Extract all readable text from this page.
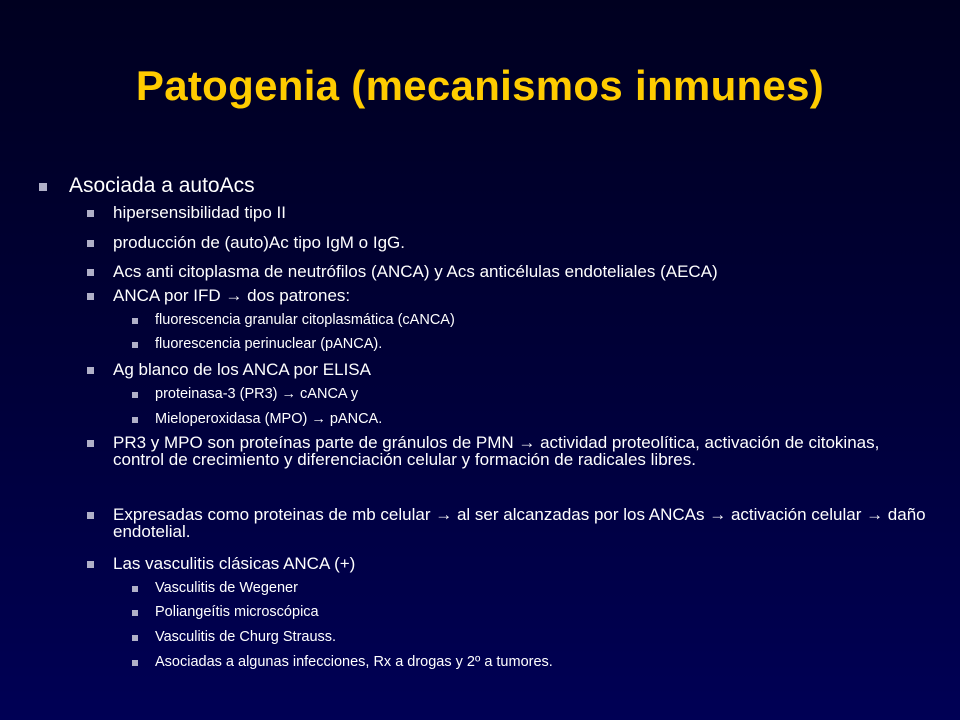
Patogenia (mecanismos inmunes)
Asociada a autoAcs
hipersensibilidad tipo II
producción de (auto)Ac tipo IgM o IgG.
Acs anti citoplasma de neutrófilos (ANCA) y Acs anticélulas endoteliales (AECA)
ANCA por IFD → dos patrones:
fluorescencia granular citoplasmática (cANCA)
fluorescencia perinuclear (pANCA).
Ag blanco de los ANCA por ELISA
proteinasa-3 (PR3) → cANCA y
Mieloperoxidasa (MPO) → pANCA.
PR3 y MPO son proteínas parte de gránulos de PMN → actividad proteolítica, activación de citokinas, control de crecimiento y diferenciación celular y formación de radicales libres.
Expresadas como proteinas de mb celular → al ser alcanzadas por los ANCAs → activación celular → daño endotelial.
Las vasculitis clásicas ANCA (+)
Vasculitis de Wegener
Poliangeítis microscópica
Vasculitis de Churg Strauss.
Asociadas a algunas infecciones, Rx a drogas y 2º a tumores.
